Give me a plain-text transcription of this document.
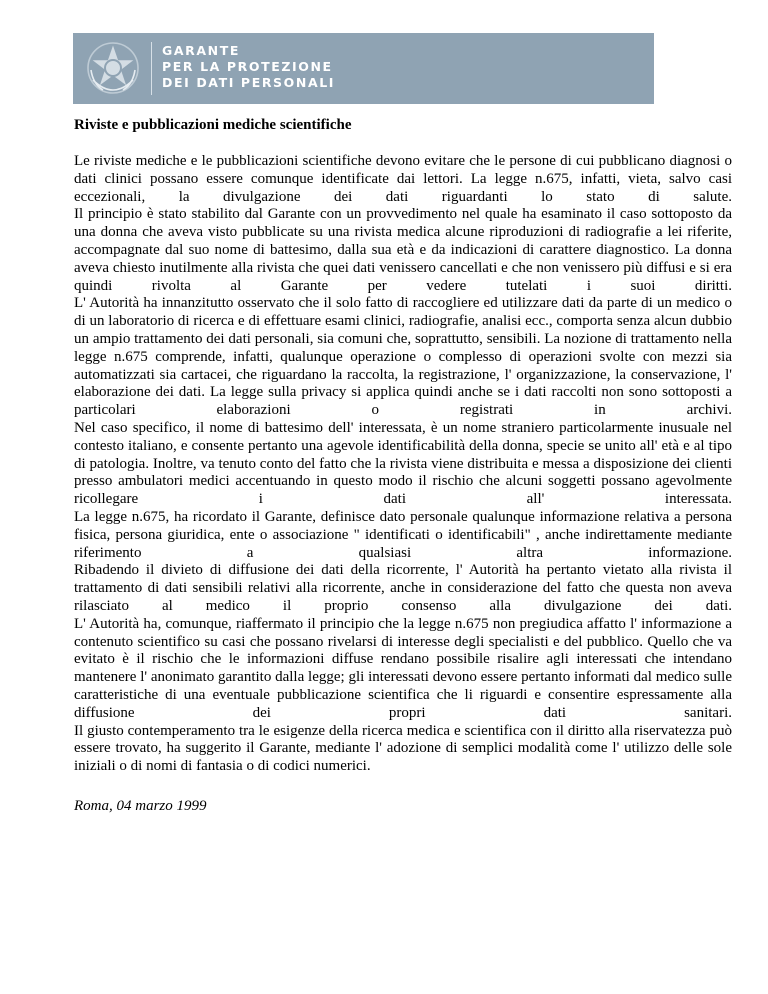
GARANTE
PER LA PROTEZIONE
DEI DATI PERSONALI
Riviste e pubblicazioni mediche scientifiche

Le riviste mediche e le pubblicazioni scientifiche devono evitare che le persone di cui pubblicano diagnosi o dati clinici possano essere comunque identificate dai lettori. La legge n.675, infatti, vieta, salvo casi eccezionali, la divulgazione dei dati riguardanti lo stato di salute.

Il principio è stato stabilito dal Garante con un provvedimento nel quale ha esaminato il caso sottoposto da una donna che aveva visto pubblicate su una rivista medica alcune riproduzioni di radiografie a lei riferite, accompagnate dal suo nome di battesimo, dalla sua età e da indicazioni di carattere diagnostico. La donna aveva chiesto inutilmente alla rivista che quei dati venissero cancellati e che non venissero più diffusi e si era quindi rivolta al Garante per vedere tutelati i suoi diritti.

L' Autorità ha innanzitutto osservato che il solo fatto di raccogliere ed utilizzare dati da parte di un medico o di un laboratorio di ricerca e di effettuare esami clinici, radiografie, analisi ecc., comporta senza alcun dubbio un ampio trattamento dei dati personali, sia comuni che, soprattutto, sensibili. La nozione di trattamento nella legge n.675 comprende, infatti, qualunque operazione o complesso di operazioni svolte con mezzi sia automatizzati sia cartacei, che riguardano la raccolta, la registrazione, l' organizzazione, la conservazione, l' elaborazione dei dati. La legge sulla privacy si applica quindi anche se i dati raccolti non sono sottoposti a particolari elaborazioni o registrati in archivi.

Nel caso specifico, il nome di battesimo dell' interessata, è un nome straniero particolarmente inusuale nel contesto italiano, e consente pertanto una agevole identificabilità della donna, specie se unito all' età e al tipo di patologia. Inoltre, va tenuto conto del fatto che la rivista viene distribuita e messa a disposizione dei clienti presso ambulatori medici accentuando in questo modo il rischio che alcuni soggetti possano agevolmente ricollegare i dati all' interessata.

La legge n.675, ha ricordato il Garante, definisce dato personale qualunque informazione relativa a persona fisica, persona giuridica, ente o associazione " identificati o identificabili" , anche indirettamente mediante riferimento a qualsiasi altra informazione.

Ribadendo il divieto di diffusione dei dati della ricorrente, l' Autorità ha pertanto vietato alla rivista il trattamento di dati sensibili relativi alla ricorrente, anche in considerazione del fatto che questa non aveva rilasciato al medico il proprio consenso alla divulgazione dei dati.

L' Autorità ha, comunque, riaffermato il principio che la legge n.675 non pregiudica affatto l' informazione a contenuto scientifico su casi che possano rivelarsi di interesse degli specialisti e del pubblico. Quello che va evitato è il rischio che le informazioni diffuse rendano possibile risalire agli interessati che intendano mantenere l' anonimato garantito dalla legge; gli interessati devono essere pertanto informati dal medico sulle caratteristiche di una eventuale pubblicazione scientifica che li riguardi e consentire espressamente alla diffusione dei propri dati sanitari.

Il giusto contemperamento tra le esigenze della ricerca medica e scientifica con il diritto alla riservatezza può essere trovato, ha suggerito il Garante, mediante l' adozione di semplici modalità come l' utilizzo delle sole iniziali o di nomi di fantasia o di codici numerici.

Roma, 04 marzo 1999
